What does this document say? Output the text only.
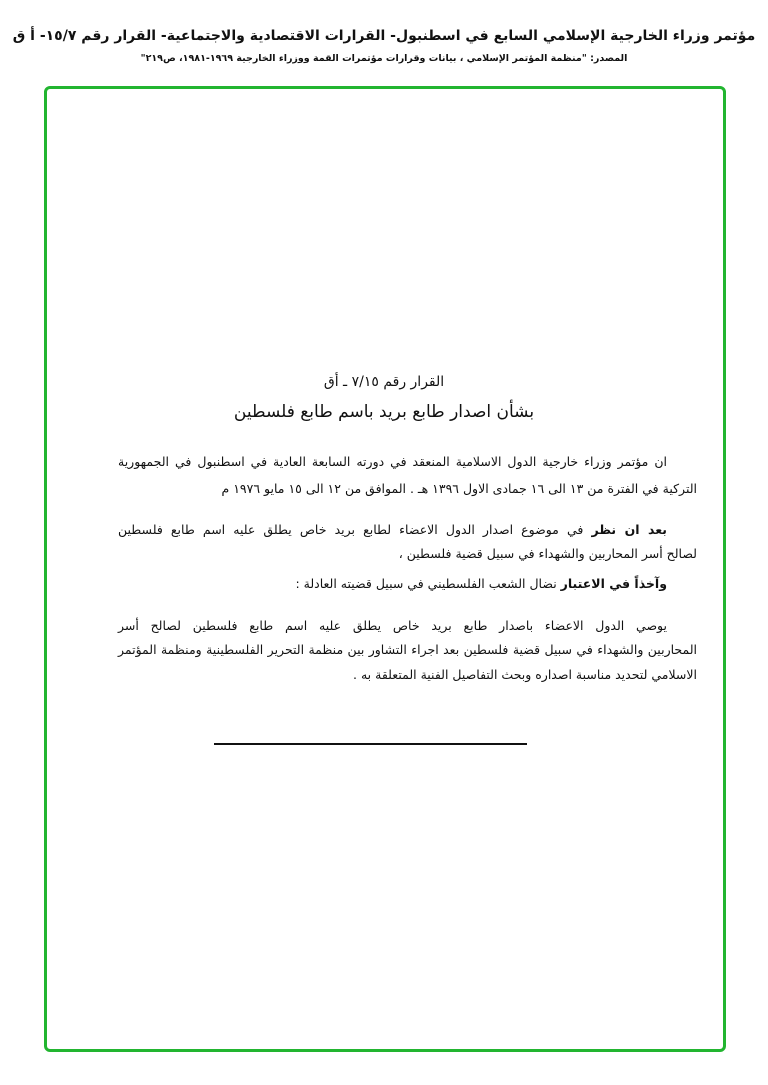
مؤتمر وزراء الخارجية الإسلامي السابع في اسطنبول- القرارات الاقتصادية والاجتماعية- القرار رقم ١٥/٧- أ ق
المصدر: "منظمة المؤتمر الإسلامي ، بيانات وقرارات مؤتمرات القمة ووزراء الخارجية ١٩٦٩-١٩٨١، ص٢١٩"
القرار رقم ٧/١٥ ـ أق
بشأن اصدار طابع بريد باسم طابع فلسطين
ان مؤتمر وزراء خارجية الدول الاسلامية المنعقد في دورته السابعة العادية في اسطنبول في الجمهورية
التركية في الفترة من ١٣ الى ١٦ جمادى الاول ١٣٩٦ هـ . الموافق من ١٢ الى ١٥ مايو ١٩٧٦ م
بعد ان نظر في موضوع اصدار الدول الاعضاء لطابع بريد خاص يطلق عليه اسم طابع فلسطين
لصالح أسر المحاربين والشهداء في سبيل قضية فلسطين ،
وآخذاً في الاعتبار نضال الشعب الفلسطيني في سبيل قضيته العادلة :
يوصي الدول الاعضاء باصدار طابع بريد خاص يطلق عليه اسم طابع فلسطين لصالح أسر
المحاربين والشهداء في سبيل قضية فلسطين بعد اجراء التشاور بين منظمة التحرير الفلسطينية ومنظمة المؤتمر
الاسلامي لتحديد مناسبة اصداره وبحث التفاصيل الفنية المتعلقة به .
